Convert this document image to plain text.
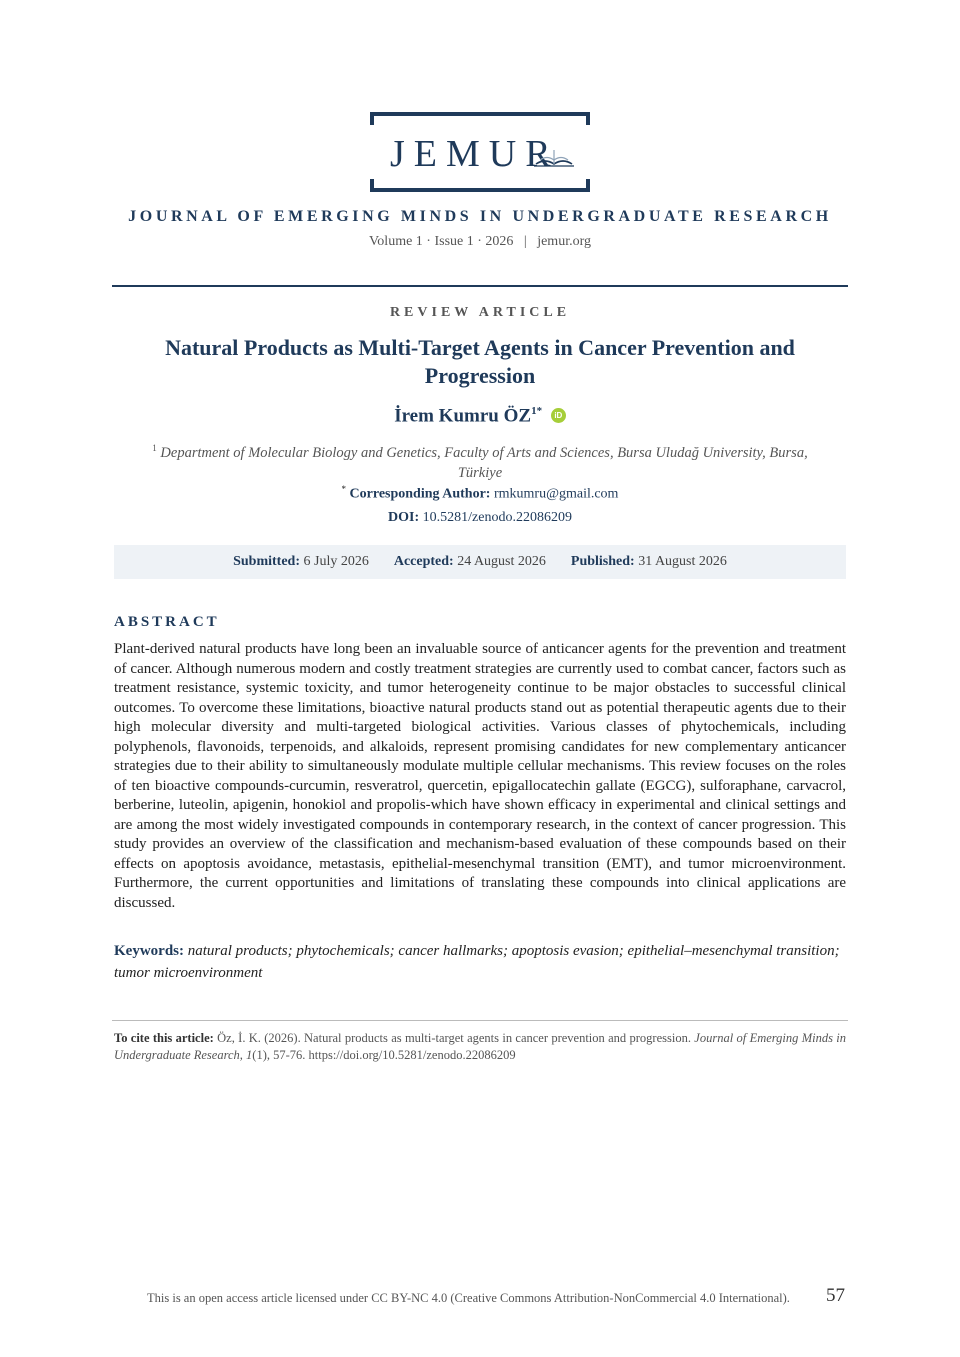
JEMUR
JOURNAL OF EMERGING MINDS IN UNDERGRADUATE RESEARCH
Volume 1 · Issue 1 · 2026   |   jemur.org
REVIEW ARTICLE
Natural Products as Multi-Target Agents in Cancer Prevention and Progression
İrem Kumru $ÖZ^{1*}$ iD
$^1$ Department of Molecular Biology and Genetics, Faculty of Arts and Sciences, Bursa Uludağ University, Bursa, Türkiye
* Corresponding Author: rmkumru@gmail.com
DOI: 10.5281/zenodo.22086209
Submitted: 6 July 2026 Accepted: 24 August 2026 Published: 31 August 2026
ABSTRACT
Plant-derived natural products have long been an invaluable source of anticancer agents for the prevention and treatment of cancer. Although numerous modern and costly treatment strategies are currently used to combat cancer, factors such as treatment resistance, systemic toxicity, and tumor heterogeneity continue to be major obstacles to successful clinical outcomes. To overcome these limitations, bioactive natural products stand out as potential therapeutic agents due to their high molecular diversity and multi-targeted biological activities. Various classes of phytochemicals, including polyphenols, flavonoids, terpenoids, and alkaloids, represent promising candidates for new complementary anticancer strategies due to their ability to simultaneously modulate multiple cellular mechanisms. This review focuses on the roles of ten bioactive compounds-curcumin, resveratrol, quercetin, epigallocatechin gallate (EGCG), sulforaphane, carvacrol, berberine, luteolin, apigenin, honokiol and propolis-which have shown efficacy in experimental and clinical settings and are among the most widely investigated compounds in contemporary research, in the context of cancer progression. This study provides an overview of the classification and mechanism-based evaluation of these compounds based on their effects on apoptosis avoidance, metastasis, epithelial-mesenchymal transition (EMT), and tumor microenvironment. Furthermore, the current opportunities and limitations of translating these compounds into clinical applications are discussed.
Keywords: natural products; phytochemicals; cancer hallmarks; apoptosis evasion; epithelial–mesenchymal transition; tumor microenvironment
To cite this article: Öz, İ. K. (2026). Natural products as multi-target agents in cancer prevention and progression. Journal of Emerging Minds in Undergraduate Research, 1(1), 57-76. https://doi.org/10.5281/zenodo.22086209
This is an open access article licensed under CC BY-NC 4.0 (Creative Commons Attribution-NonCommercial 4.0 International). 57
